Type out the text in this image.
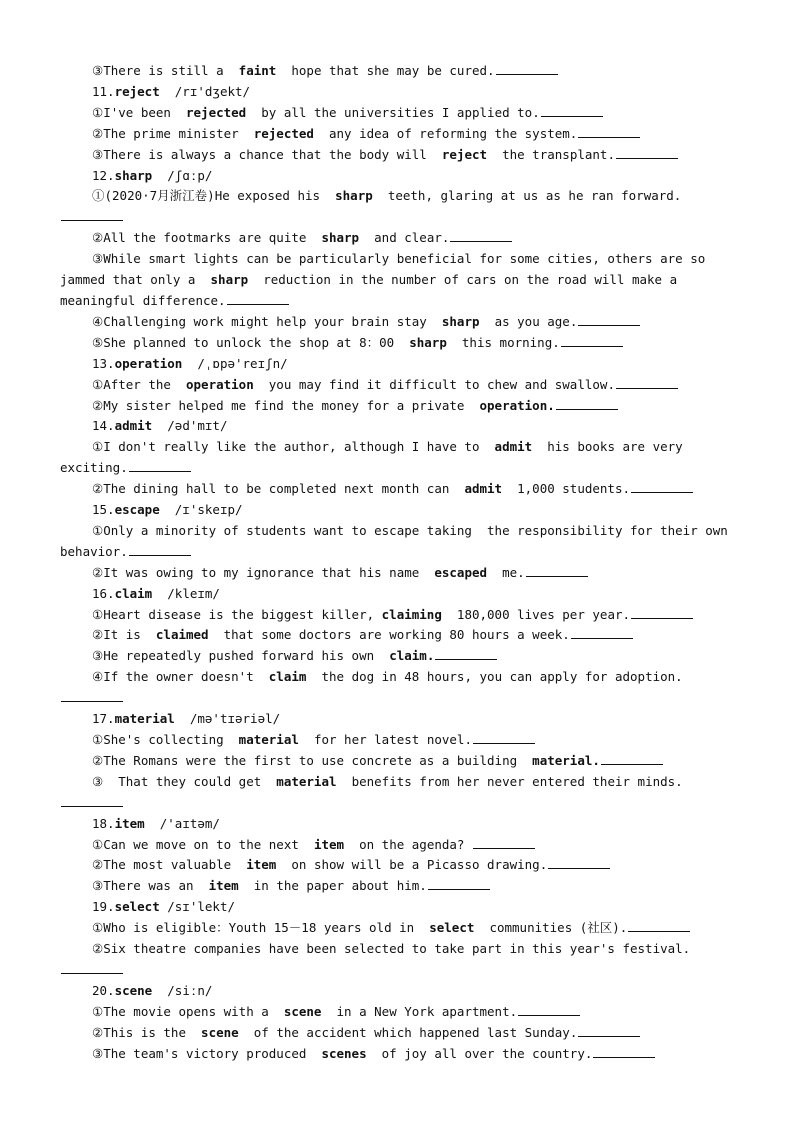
③There is still a  faint  hope that she may be cured.

11.reject  /rɪ'dʒekt/

①I've been  rejected  by all the universities I applied to.

②The prime minister  rejected  any idea of reforming the system.

③There is always a chance that the body will  reject  the transplant.

12.sharp  /ʃɑːp/

①(2020·7月浙江卷)He exposed his  sharp  teeth, glaring at us as he ran forward.

②All the footmarks are quite  sharp  and clear.

③While smart lights can be particularly beneficial for some cities, others are so jammed that only a  sharp  reduction in the number of cars on the road will make a meaningful difference.

④Challenging work might help your brain stay  sharp  as you age.

⑤She planned to unlock the shop at 8：00  sharp  this morning.

13.operation  /ˌɒpə'reɪʃn/

①After the  operation  you may find it difficult to chew and swallow.

②My sister helped me find the money for a private  operation.

14.admit  /əd'mɪt/

①I don't really like the author, although I have to  admit  his books are very exciting.

②The dining hall to be completed next month can  admit  1,000 students.

15.escape  /ɪ'skeɪp/

①Only a minority of students want to escape taking  the responsibility for their own behavior.

②It was owing to my ignorance that his name  escaped  me.

16.claim  /kleɪm/

①Heart disease is the biggest killer, claiming  180,000 lives per year.

②It is  claimed  that some doctors are working 80 hours a week.

③He repeatedly pushed forward his own  claim.

④If the owner doesn't  claim  the dog in 48 hours, you can apply for adoption.

17.material  /mə'tɪəriəl/

①She's collecting  material  for her latest novel.

②The Romans were the first to use concrete as a building  material.

③  That they could get  material  benefits from her never entered their minds.

18.item  /'aɪtəm/

①Can we move on to the next  item  on the agenda?

②The most valuable  item  on show will be a Picasso drawing.

③There was an  item  in the paper about him.

19.select /sɪ'lekt/

①Who is eligible：Youth 15－18 years old in  select  communities (社区).

②Six theatre companies have been selected to take part in this year's festival.

20.scene  /siːn/

①The movie opens with a  scene  in a New York apartment.

②This is the  scene  of the accident which happened last Sunday.

③The team's victory produced  scenes  of joy all over the country.
